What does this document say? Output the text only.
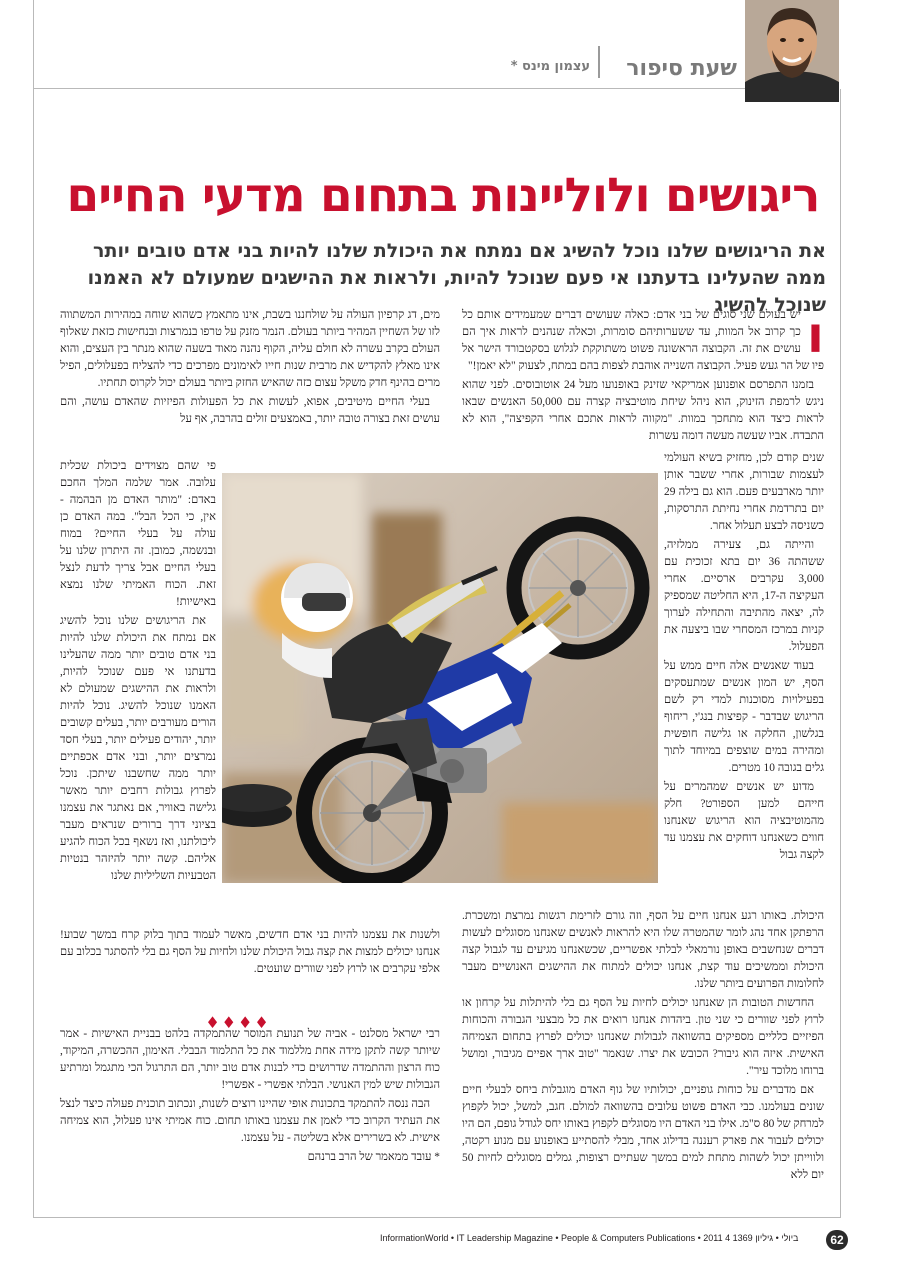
שעת סיפור
עצמון מינס *
ריגושים ולוליינות בתחום מדעי החיים
את הריגושים שלנו נוכל להשיג אם נמתח את היכולת שלנו להיות בני אדם טובים יותר ממה שהעלינו בדעתנו אי פעם שנוכל להיות, ולראות את ההישגים שמעולם לא האמנו שנוכל להשיג
ו

יש בעולם שני סוגים של בני אדם: כאלה שעושים דברים שמעמידים אותם כל כך קרוב אל המוות, עד ששערותיהם סומרות, וכאלה שנהנים לראות איך הם עושים את זה. הקבוצה הראשונה פשוט משתוקקת לגלוש בסקטבורד הישר אל פיו של הר געש פעיל. הקבוצה השנייה אוהבת לצפות בהם במתח, לצעוק "לא יאמן!"

בזמנו התפרסם אופנוען אמריקאי שזינק באופנועו מעל 24 אוטובוסים. לפני שהוא ניגש לרמפת הזינוק, הוא ניהל שיחת מוטיבציה קצרה עם 50,000 האנשים שבאו לראות כיצד הוא מתחכך במוות. "מקווה לראות אתכם אחרי הקפיצה", הוא לא התבדח. אביו שעשה מעשה דומה עשרות

שנים קודם לכן, מחזיק בשיא העולמי לעצמות שבורות, אחרי ששבר אותן יותר מארבעים פעם. הוא גם בילה 29 יום בתרדמת אחרי נחיתת התרסקות, כשניסה לבצע תעלול אחר.

והייתה גם, צעירה ממלזיה, ששהתה 36 יום בתא זכוכית עם 3,000 עקרבים ארסיים. אחרי העקיצה ה-17, היא החליטה שמספיק לה, יצאה מהתיבה והתחילה לערוך קניות במרכז המסחרי שבו ביצעה את הפעלול.

בעוד שאנשים אלה חיים ממש על הסף, יש המון אנשים שמתעסקים בפעילויות מסוכנות למדי רק לשם הריגוש שבדבר - קפיצות בנג'י, ריחוף בגלשון, החלקה או גלישה חופשית ומהירה במים שוצפים במיוחד לתוך גלים בגובה 10 מטרים.

מדוע יש אנשים שמהמרים על חייהם למען הספורט? חלק מהמוטיבציה הוא הריגוש שאנחנו חווים כשאנחנו דוחקים את עצמנו עד לקצה גבול

היכולת. באותו רגע אנחנו חיים על הסף, וזה גורם לזרימת רגשות נמרצת ומשכרת. הרפתקן אחד נהג לומר שהמטרה שלו היא להראות לאנשים שאנחנו מסוגלים לעשות דברים שנחשבים באופן נורמאלי לבלתי אפשריים, שכשאנחנו מגיעים עד לגבול קצה היכולת וממשיכים עוד קצת, אנחנו יכולים למתוח את ההישגים האנושיים מעבר לחלומות הפרועים ביותר שלנו.

החדשות הטובות הן שאנחנו יכולים לחיות על הסף גם בלי להיתלות על קרחון או לרוץ לפני שוורים כי שני טון. ביהדות אנחנו רואים את כל מבצעי הגבורה והכוחות הפיזיים כלליים מספיקים בהשוואה לגבולות שאנחנו יכולים לפרוץ בתחום הצמיחה האישית. איזה הוא גיבור? הכובש את יצרו. שנאמר "טוב ארך אפיים מגיבור, ומושל ברוחו מלוכד עיר".

אם מדברים על כוחות גופניים, יכולותיו של גוף האדם מוגבלות ביחס לבעלי חיים שונים בעולמנו. כבי האדם פשוט עלובים בהשוואה למולם. חגב, למשל, יכול לקפוץ למרחק של 80 ס"מ. אילו בני האדם היו מסוגלים לקפוץ באותו יחס לגודל גופם, הם היו יכולים לעבור את פארק רעננה בדילוג אחד, מבלי להסתייע באופנוע עם מנוע רקטה, ולווייתן יכול לשהות מתחת למים במשך שעתיים רצופות, גמלים מסוגלים לחיות 50 יום ללא

מים, דג קרפיון העולה על שולחננו בשבת, אינו מתאמץ כשהוא שוחה במהירות המשתווה לזו של השחיין המהיר ביותר בעולם. הנמר מזנק על טרפו בנמרצות ובנחישות כזאת שאלוף העולם בקרב עשרה לא חולם עליה, הקוף נהנה מאוד בשעה שהוא מנתר בין העצים, והוא אינו מאלץ להקדיש את מרבית שנות חייו לאימונים מפרכים כדי להצליח בפעלולים, הפיל מרים בהינף חדק משקל עצום כזה שהאיש החזק ביותר בעולם יכול לקרוס תחתיו.

בעלי החיים מיטיבים, אפוא, לעשות את כל הפעולות הפיזיות שהאדם עושה, והם עושים זאת בצורה טובה יותר, באמצעים זולים בהרבה, אף על

פי שהם מצוידים ביכולת שכלית עלובה. אמר שלמה המלך החכם באדם: "מותר האדם מן הבהמה - אין, כי הכל הבל". במה האדם כן עולה על בעלי החיים? במוח ובנשמה, כמובן. זה היתרון שלנו על בעלי החיים אבל צריך לדעת לנצל זאת. הכוח האמיתי שלנו נמצא באישיות!

את הריגושים שלנו נוכל להשיג אם נמתח את היכולת שלנו להיות בני אדם טובים יותר ממה שהעלינו בדעתנו אי פעם שנוכל להיות, ולראות את ההישגים שמעולם לא האמנו שנוכל להשיג. נוכל להיות הורים מעורבים יותר, בעלים קשובים יותר, יהודים פעילים יותר, בעלי חסד נמרצים יותר, ובני אדם אכפתיים יותר ממה שחשבנו שיתכן. נוכל לפרוץ גבולות רחבים יותר מאשר גלישה באוויר, אם נאתגר את עצמנו בציוני דרך ברורים שנראים מעבר ליכולתנו, ואז נשאף בכל הכוח להגיע אליהם. קשה יותר להיזהר בנטיות הטבעיות השליליות שלנו

ולשנות את עצמנו להיות בני אדם חדשים, מאשר לעמוד בתוך בלוק קרח במשך שבוע! אנחנו יכולים למצות את קצה גבול היכולת שלנו ולחיות על הסף גם בלי להסתגר בכלוב עם אלפי עקרבים או לרוץ לפני שוורים שועטים.

רבי ישראל מסלנט - אביה של תנועת המוסר שהתמקדה בלהט בבניית האישיות - אמר שיותר קשה לתקן מידה אחת מללמוד את כל התלמוד הבבלי. האימון, ההכשרה, המיקוד, כוח הרצון וההתמדה שדרושים כדי לבנות אדם טוב יותר, הם התרגול הכי מתגמל ומרתיע הגבולות שיש למין האנושי. הבלתי אפשרי - אפשרי!

הבה ננסה להתמקד בתכונות אופי שהיינו רוצים לשנות, ונכתוב תוכנית פעולה כיצד לנצל את העתיד הקרוב כדי לאמן את עצמנו באותו תחום. כוח אמיתי אינו פעלול, הוא צמיחה אישית. לא בשרירים אלא בשליטה - על עצמנו.

* עובד ממאמר של הרב ברנהם

♦♦♦♦
InformationWorld • IT Leadership Magazine • People & Computers Publications • 2011 4 ביולי • גיליון 1369	62
